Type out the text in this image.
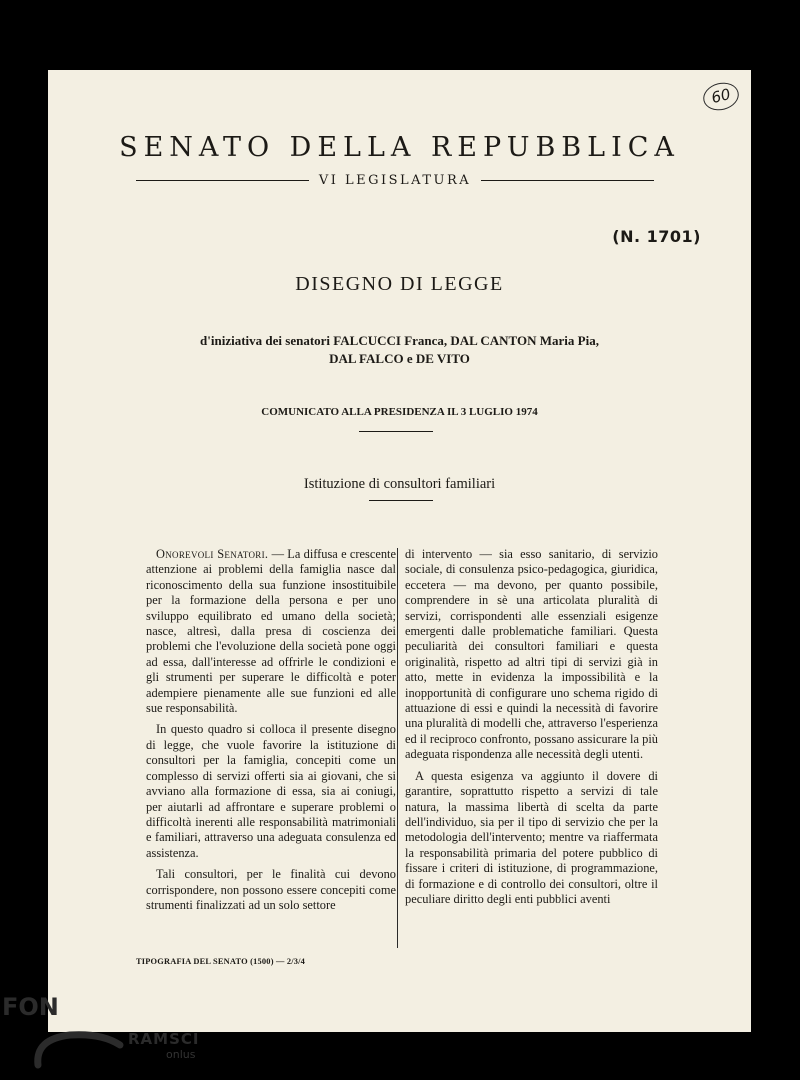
60
SENATO DELLA REPUBBLICA
VI LEGISLATURA
(N. 1701)
DISEGNO DI LEGGE
d'iniziativa dei senatori FALCUCCI Franca, DAL CANTON Maria Pia,
DAL FALCO e DE VITO
COMUNICATO ALLA PRESIDENZA IL 3 LUGLIO 1974
Istituzione di consultori familiari

Onorevoli Senatori. — La diffusa e crescente attenzione ai problemi della famiglia nasce dal riconoscimento della sua funzione insostituibile per la formazione della persona e per uno sviluppo equilibrato ed umano della società; nasce, altresì, dalla presa di coscienza dei problemi che l'evoluzione della società pone oggi ad essa, dall'interesse ad offrirle le condizioni e gli strumenti per superare le difficoltà e poter adempiere pienamente alle sue funzioni ed alle sue responsabilità.

In questo quadro si colloca il presente disegno di legge, che vuole favorire la istituzione di consultori per la famiglia, concepiti come un complesso di servizi offerti sia ai giovani, che si avviano alla formazione di essa, sia ai coniugi, per aiutarli ad affrontare e superare problemi o difficoltà inerenti alle responsabilità matrimoniali e familiari, attraverso una adeguata consulenza ed assistenza.

Tali consultori, per le finalità cui devono corrispondere, non possono essere concepiti come strumenti finalizzati ad un solo settore

di intervento — sia esso sanitario, di servizio sociale, di consulenza psico-pedagogica, giuridica, eccetera — ma devono, per quanto possibile, comprendere in sè una articolata pluralità di servizi, corrispondenti alle essenziali esigenze emergenti dalle problematiche familiari. Questa peculiarità dei consultori familiari e questa originalità, rispetto ad altri tipi di servizi già in atto, mette in evidenza la impossibilità e la inopportunità di configurare uno schema rigido di attuazione di essi e quindi la necessità di favorire una pluralità di modelli che, attraverso l'esperienza ed il reciproco confronto, possano assicurare la più adeguata rispondenza alle necessità degli utenti.

A questa esigenza va aggiunto il dovere di garantire, soprattutto rispetto a servizi di tale natura, la massima libertà di scelta da parte dell'individuo, sia per il tipo di servizio che per la metodologia dell'intervento; mentre va riaffermata la responsabilità primaria del potere pubblico di fissare i criteri di istituzione, di programmazione, di formazione e di controllo dei consultori, oltre il peculiare diritto degli enti pubblici aventi

TIPOGRAFIA DEL SENATO (1500) — 2/3/4
FON
RAMSCI
onlus
